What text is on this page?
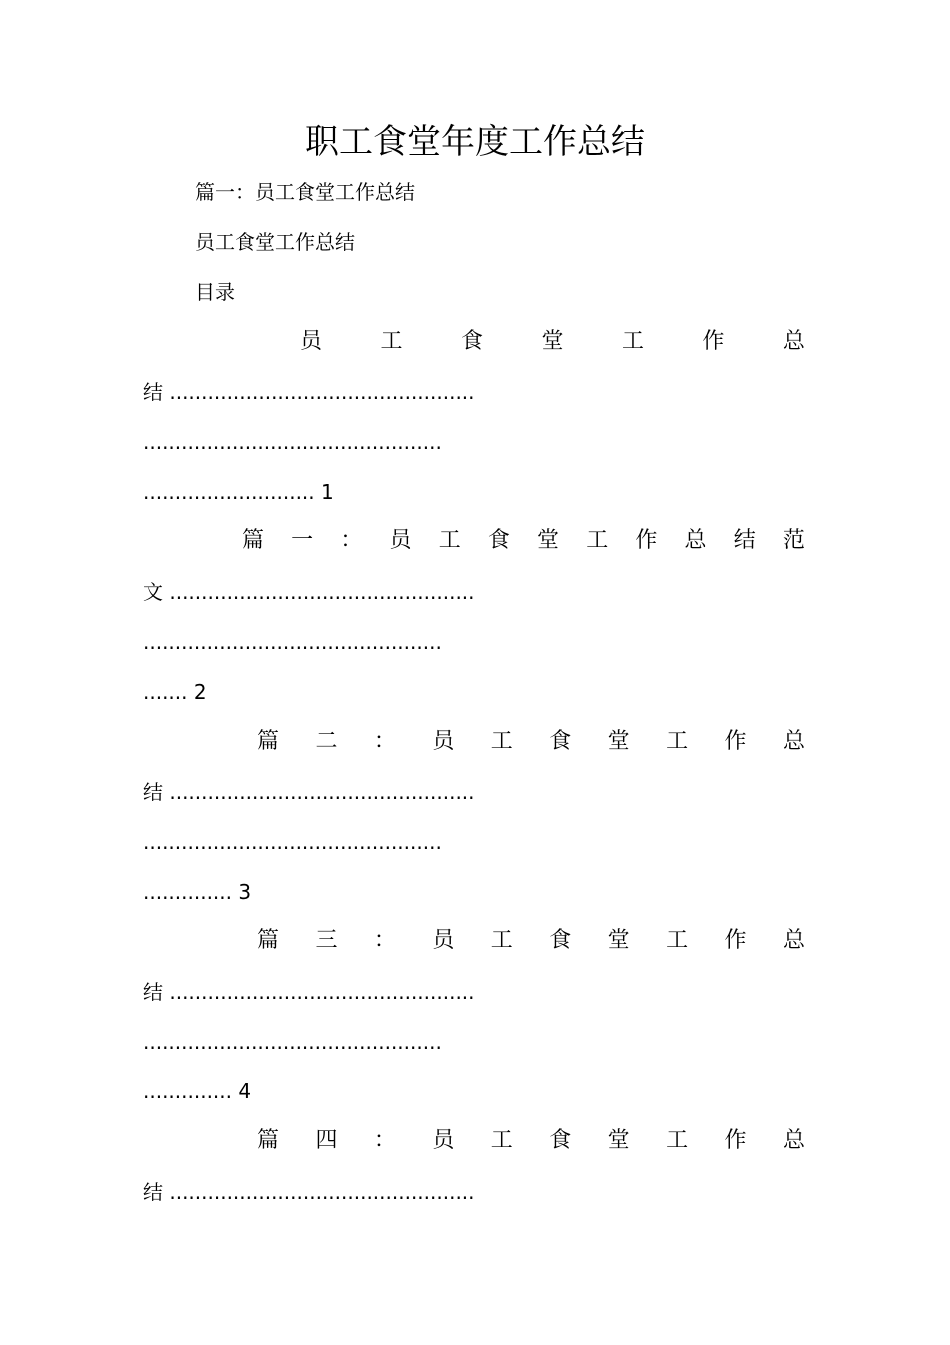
职工食堂年度工作总结
篇一：员工食堂工作总结
员工食堂工作总结
目录
员	工	食	堂	工	作	总
结 ................................................
...............................................
........................... 1
篇 一 ： 员 工 食 堂 工 作 总 结 范
文 ................................................
...............................................
....... 2
篇 二 ： 员 工 食 堂 工 作 总
结 ................................................
...............................................
.............. 3
篇 三 ： 员 工 食 堂 工 作 总
结 ................................................
...............................................
.............. 4
篇 四 ： 员 工 食 堂 工 作 总
结 ................................................
